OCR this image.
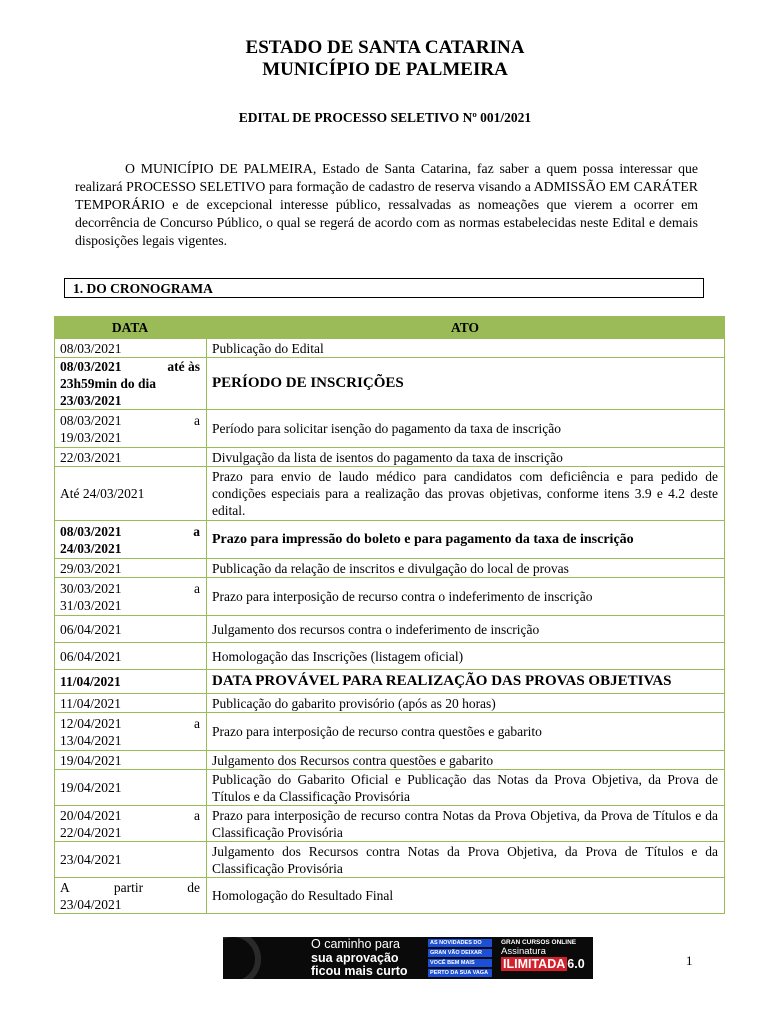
ESTADO DE SANTA CATARINA
MUNICÍPIO DE PALMEIRA
EDITAL DE PROCESSO SELETIVO Nº 001/2021

O MUNICÍPIO DE PALMEIRA, Estado de Santa Catarina, faz saber a quem possa interessar que realizará PROCESSO SELETIVO para formação de cadastro de reserva visando a ADMISSÃO EM CARÁTER TEMPORÁRIO e de excepcional interesse público, ressalvadas as nomeações que vierem a ocorrer em decorrência de Concurso Público, o qual se regerá de acordo com as normas estabelecidas neste Edital e demais disposições legais vigentes.

1. DO CRONOGRAMA
DATA	ATO
08/03/2021	Publicação do Edital

08/03/2021 até às
23h59min do dia
23/03/2021	PERÍODO DE INSCRIÇÕES

08/03/2021 a
19/03/2021	Período para solicitar isenção do pagamento da taxa de inscrição
22/03/2021	Divulgação da lista de isentos do pagamento da taxa de inscrição
Até 24/03/2021	Prazo para envio de laudo médico para candidatos com deficiência e para pedido de condições especiais para a realização das provas objetivas, conforme itens 3.9 e 4.2 deste edital.

08/03/2021 a
24/03/2021	Prazo para impressão do boleto e para pagamento da taxa de inscrição
29/03/2021	Publicação da relação de inscritos e divulgação do local de provas

30/03/2021 a
31/03/2021	Prazo para interposição de recurso contra o indeferimento de inscrição
06/04/2021	Julgamento dos recursos contra o indeferimento de inscrição
06/04/2021	Homologação das Inscrições (listagem oficial)
11/04/2021	DATA PROVÁVEL PARA REALIZAÇÃO DAS PROVAS OBJETIVAS
11/04/2021	Publicação do gabarito provisório (após as 20 horas)

12/04/2021 a
13/04/2021	Prazo para interposição de recurso contra questões e gabarito
19/04/2021	Julgamento dos Recursos contra questões e gabarito
19/04/2021	Publicação do Gabarito Oficial e Publicação das Notas da Prova Objetiva, da Prova de Títulos e da Classificação Provisória

20/04/2021 a
22/04/2021	Prazo para interposição de recurso contra Notas da Prova Objetiva, da Prova de Títulos e da Classificação Provisória
23/04/2021	Julgamento dos Recursos contra Notas da Prova Objetiva, da Prova de Títulos e da Classificação Provisória

A partir de
23/04/2021	Homologação do Resultado Final
O caminho para
sua aprovação
ficou mais curto
AS NOVIDADES DO
GRAN VÃO DEIXAR
VOCÊ BEM MAIS
PERTO DA SUA VAGA
GRAN CURSOS ONLINE
Assinatura
ILIMITADA 6.0	1
